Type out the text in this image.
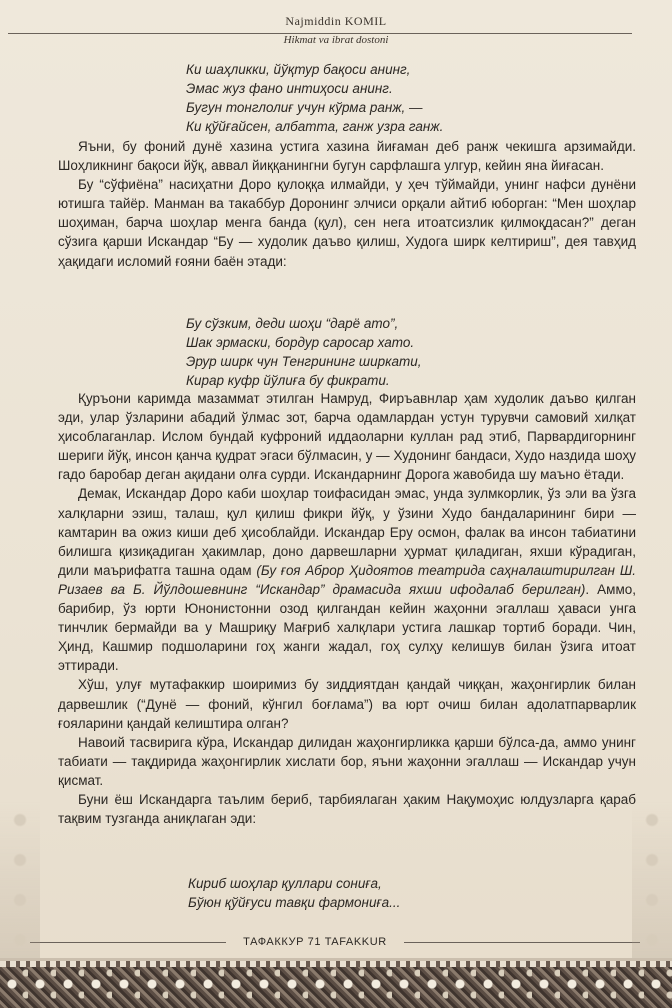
Najmiddin KOMIL
Hikmat va ibrat dostoni
Ки шаҳликки, йўқтур бақоси анинг,
Эмас жуз фано интиҳоси анинг.
Бугун тонглолиғ учун кўрма ранж, —
Ки қўйғайсен, албатта, ганж узра ганж.

Яъни, бу фоний дунё хазина устига хазина йиғаман деб ранж чекишга арзимайди. Шоҳликнинг бақоси йўқ, аввал йиққанингни бугун сарфлашга улгур, кейин яна йиғасан.

Бу “сўфиёна” насиҳатни Доро қулоққа илмайди, у ҳеч тўймайди, унинг нафси дунёни ютишга тайёр. Манман ва такаббур Доронинг элчиси орқали айтиб юборган: “Мен шоҳлар шоҳиман, барча шоҳлар менга банда (қул), сен нега итоатсизлик қилмоқдасан?” деган сўзига қарши Искандар “Бу — худолик даъво қилиш, Худога ширк келтириш”, дея тавҳид ҳақидаги исломий ғояни баён этади:

Бу сўзким, деди шоҳи “дарё ато”,
Шак эрмаски, бордур саросар хато.
Эрур ширк чун Тенгрининг ширкати,
Кирар куфр йўлиға бу фикрати.

Қуръони каримда мазаммат этилган Намруд, Фиръавнлар ҳам худолик даъво қилган эди, улар ўзларини абадий ўлмас зот, барча одамлардан устун турувчи самовий хилқат ҳисоблаганлар. Ислом бундай куфроний иддаоларни куллан рад этиб, Парвардигорнинг шериги йўқ, инсон қанча қудрат эгаси бўлмасин, у — Худонинг бандаси, Худо наздида шоҳу гадо баробар деган ақидани олға сурди. Искандарнинг Дорога жавобида шу маъно ётади.

Демак, Искандар Доро каби шоҳлар тоифасидан эмас, унда зулмкорлик, ўз эли ва ўзга халқларни эзиш, талаш, қул қилиш фикри йўқ, у ўзини Худо бандаларининг бири — камтарин ва ожиз киши деб ҳисоблайди. Искандар Еру осмон, фалак ва инсон табиатини билишга қизиқадиган ҳакимлар, доно дарвешларни ҳурмат қиладиган, яхши кўрадиган, дили маърифатга ташна одам (Бу ғоя Аброр Ҳидоятов театрида саҳналаштирилган Ш. Ризаев ва Б. Йўлдошевнинг “Искандар” драмасида яхши ифодалаб берилган). Аммо, барибир, ўз юрти Юнонистонни озод қилгандан кейин жаҳонни эгаллаш ҳаваси унга тинчлик бермайди ва у Машриқу Мағриб халқлари устига лашкар тортиб боради. Чин, Ҳинд, Кашмир подшоларини гоҳ жанги жадал, гоҳ сулҳу келишув билан ўзига итоат эттиради.

Хўш, улуғ мутафаккир шоиримиз бу зиддиятдан қандай чиққан, жаҳонгирлик билан дарвешлик (“Дунё — фоний, кўнгил боғлама”) ва юрт очиш билан адолатпарварлик ғояларини қандай келиштира олган?

Навоий тасвирига кўра, Искандар дилидан жаҳонгирликка қарши бўлса-да, аммо унинг табиати — тақдирида жаҳонгирлик хислати бор, яъни жаҳонни эгаллаш — Искандар учун қисмат.

Буни ёш Искандарга таълим бериб, тарбиялаган ҳаким Нақумоҳис юлдузларга қараб тақвим тузганда аниқлаган эди:

Кириб шоҳлар қуллари сониға,
Бўюн қўйғуси тавқи фармониға...
ТАФАККУР 71 TAFAKKUR
